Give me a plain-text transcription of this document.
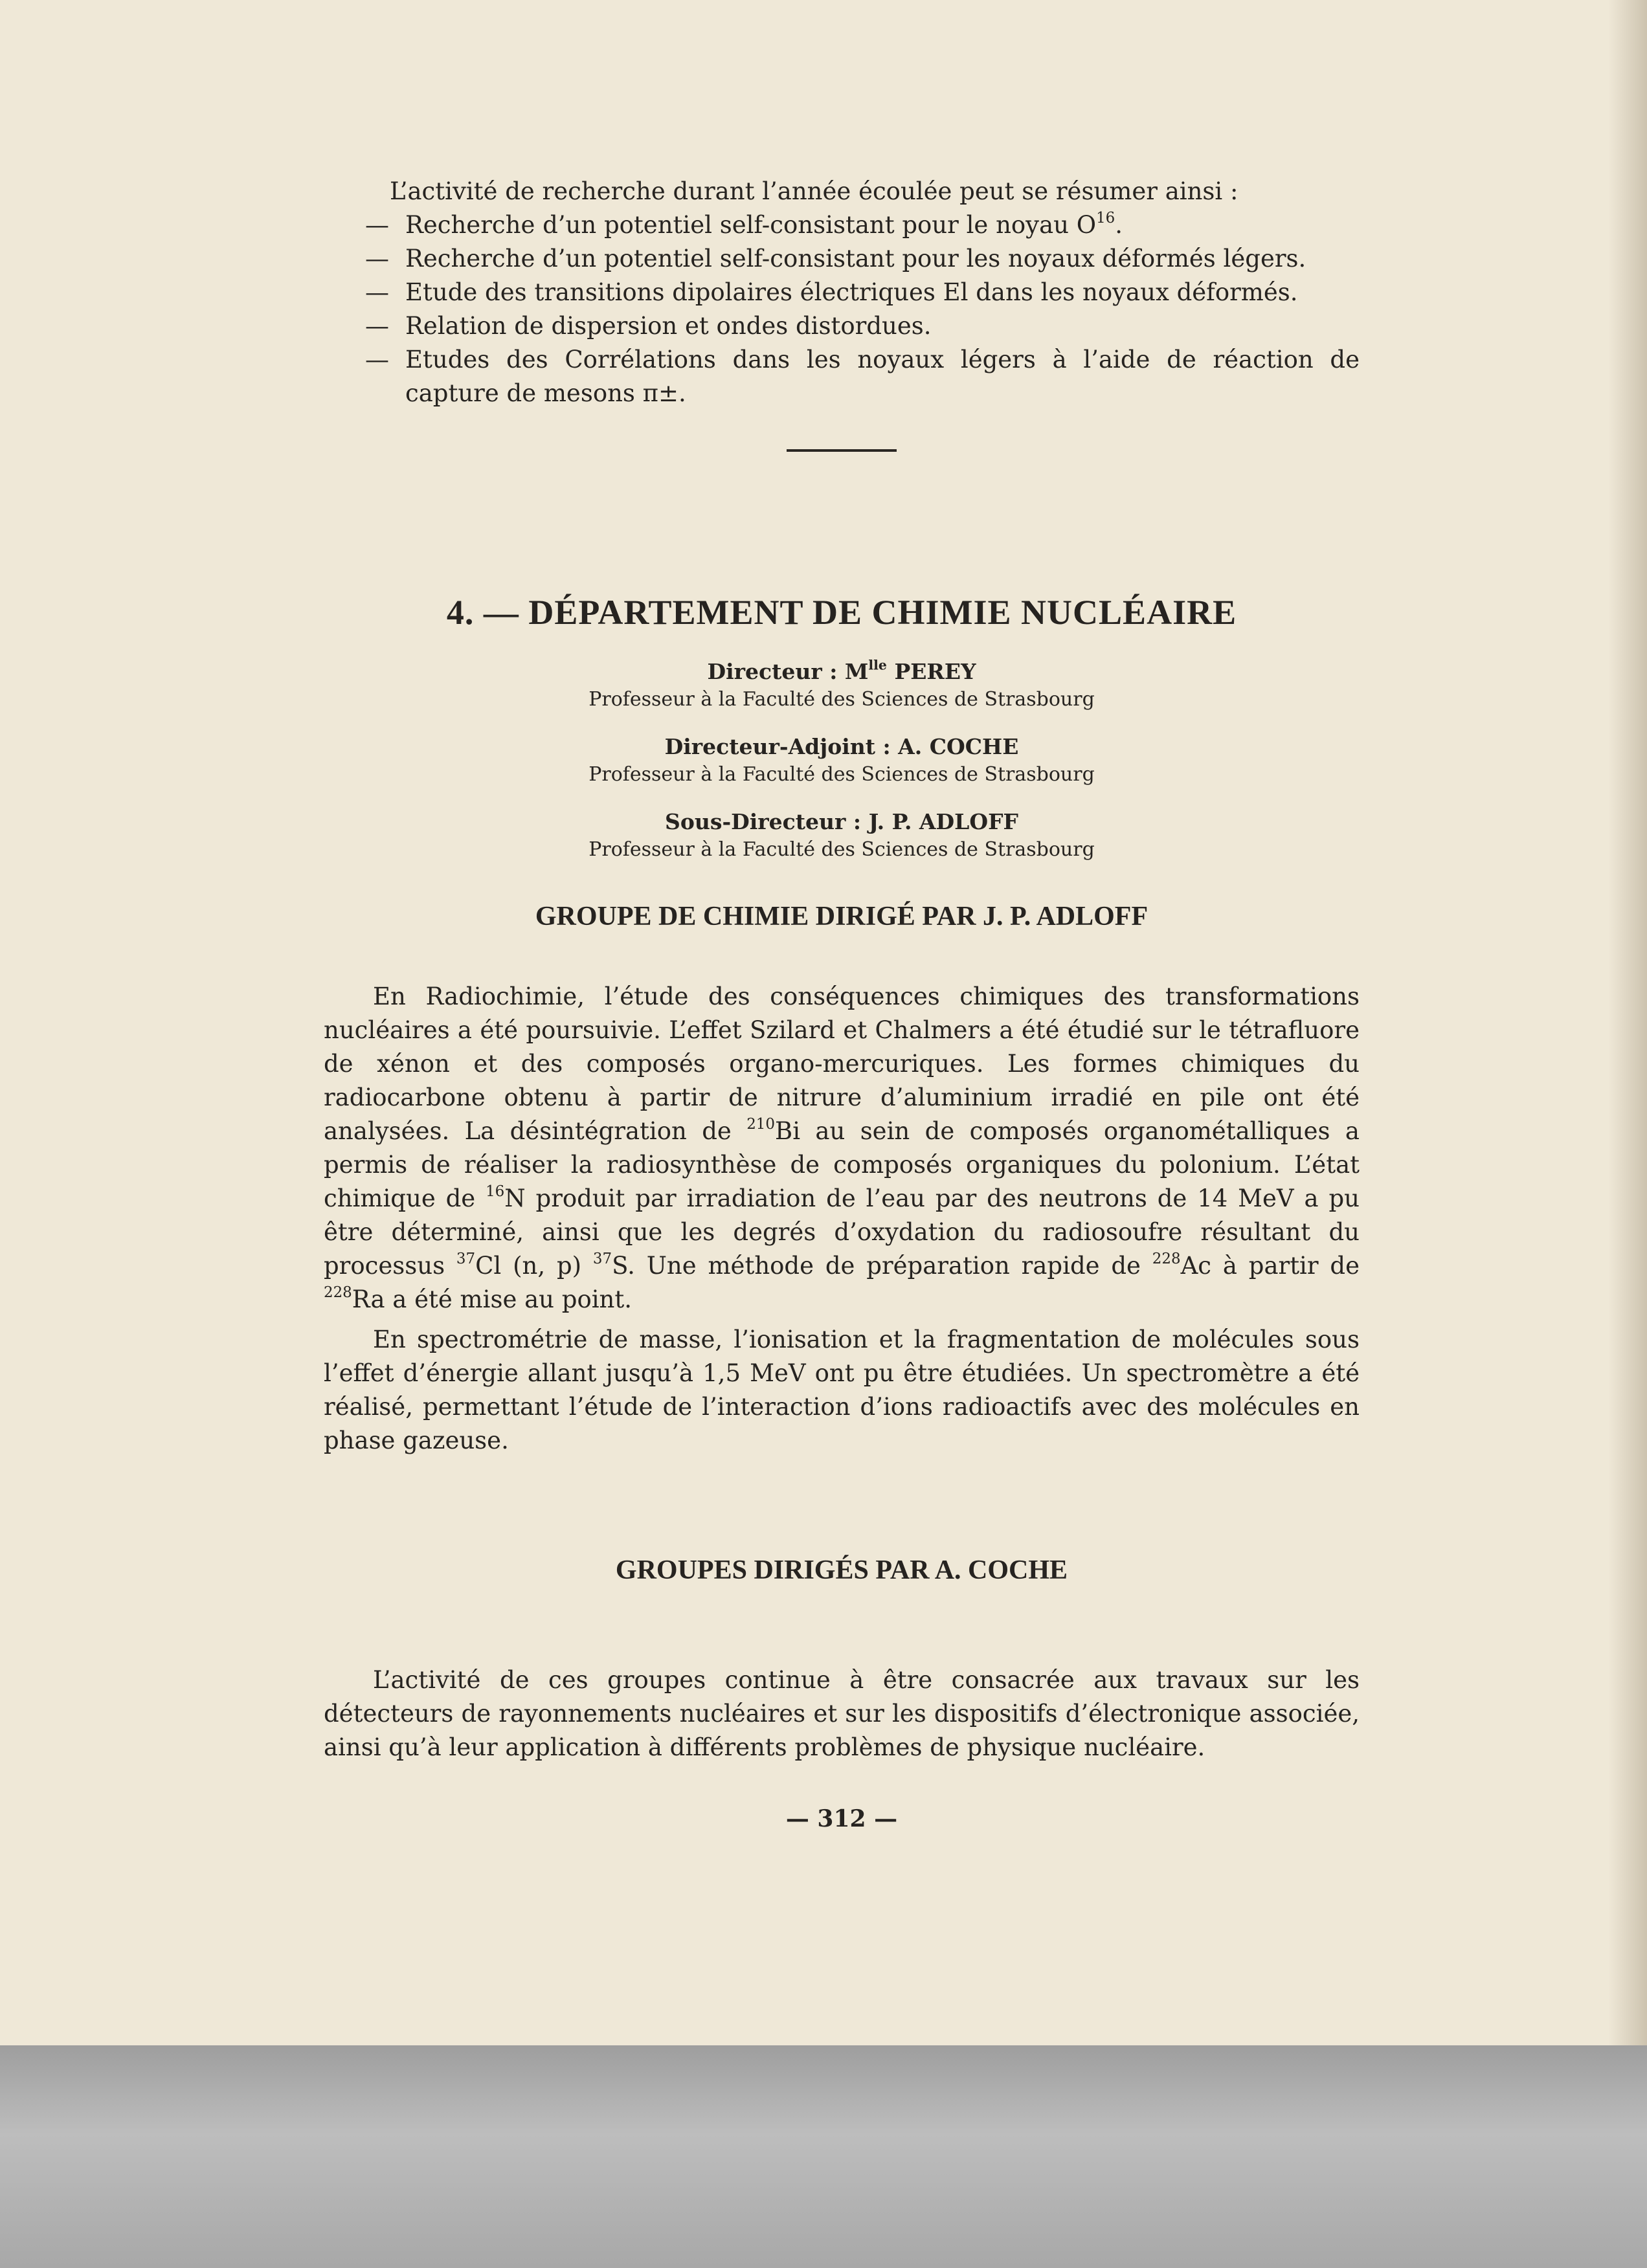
L’activité de recherche durant l’année écoulée peut se résumer ainsi :

— Recherche d’un potentiel self-consistant pour le noyau $O^{16}$.
— Recherche d’un potentiel self-consistant pour les noyaux déformés légers.
— Etude des transitions dipolaires électriques El dans les noyaux déformés.
— Relation de dispersion et ondes distordues.
— Etudes des Corrélations dans les noyaux légers à l’aide de réaction de capture de mesons π±.
4. — DÉPARTEMENT DE CHIMIE NUCLÉAIRE
Directeur : $M^{lle}$ PEREY
Professeur à la Faculté des Sciences de Strasbourg
Directeur-Adjoint : A. COCHE
Professeur à la Faculté des Sciences de Strasbourg
Sous-Directeur : J. P. ADLOFF
Professeur à la Faculté des Sciences de Strasbourg
GROUPE DE CHIMIE DIRIGÉ PAR J. P. ADLOFF

En Radiochimie, l’étude des conséquences chimiques des transformations nucléaires a été poursuivie. L’effet Szilard et Chalmers a été étudié sur le tétrafluore de xénon et des composés organo-mercuriques. Les formes chimiques du radiocarbone obtenu à partir de nitrure d’aluminium irradié en pile ont été analysées. La désintégration de $^{210}$Bi au sein de composés organométalliques a permis de réaliser la radiosynthèse de composés organiques du polonium. L’état chimique de $^{16}$N produit par irradiation de l’eau par des neutrons de 14 MeV a pu être déterminé, ainsi que les degrés d’oxydation du radiosoufre résultant du processus $^{37}$Cl (n, p) $^{37}$S. Une méthode de préparation rapide de $^{228}$Ac à partir de $^{228}$Ra a été mise au point.

En spectrométrie de masse, l’ionisation et la fragmentation de molécules sous l’effet d’énergie allant jusqu’à 1,5 MeV ont pu être étudiées. Un spectromètre a été réalisé, permettant l’étude de l’interaction d’ions radioactifs avec des molécules en phase gazeuse.

GROUPES DIRIGÉS PAR A. COCHE

L’activité de ces groupes continue à être consacrée aux travaux sur les détecteurs de rayonnements nucléaires et sur les dispositifs d’électronique associée, ainsi qu’à leur application à différents problèmes de physique nucléaire.

— 312 —
